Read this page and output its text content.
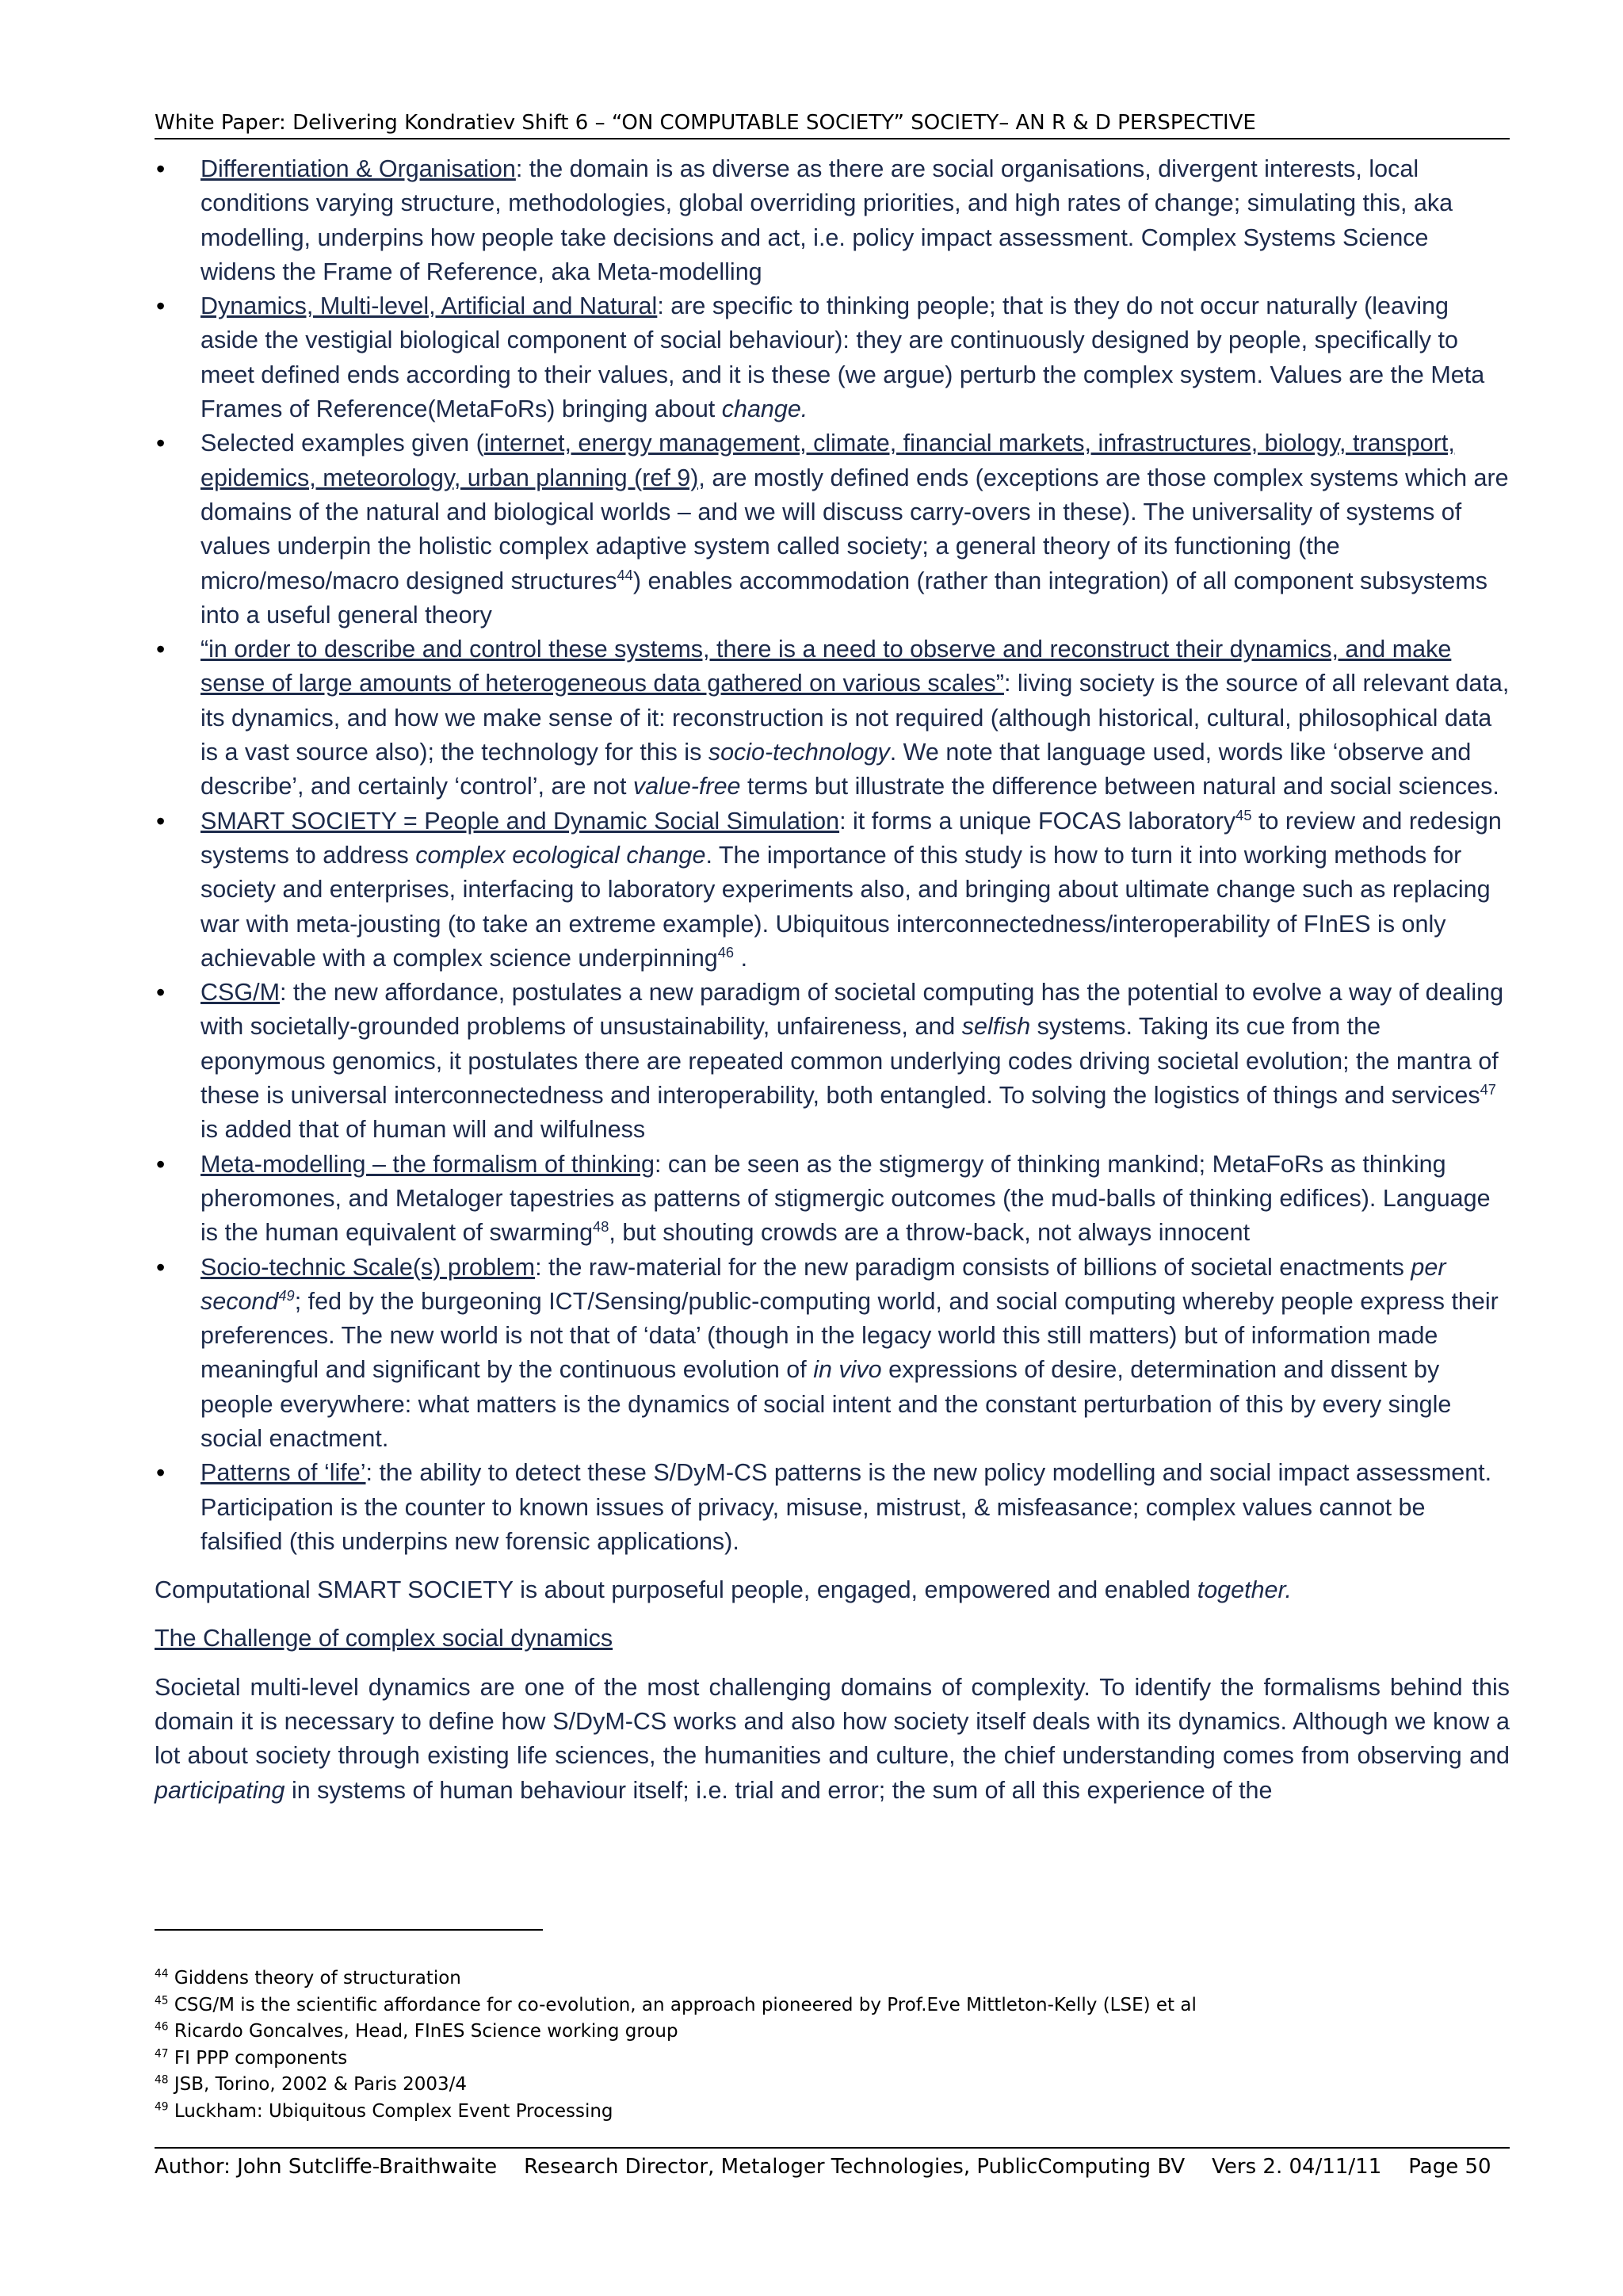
White Paper: Delivering Kondratiev Shift 6 – “ON COMPUTABLE SOCIETY” SOCIETY– AN R & D PERSPECTIVE
• Differentiation & Organisation: the domain is as diverse as there are social organisations, divergent interests, local conditions varying structure, methodologies, global overriding priorities, and high rates of change; simulating this, aka modelling, underpins how people take decisions and act, i.e. policy impact assessment. Complex Systems Science widens the Frame of Reference, aka Meta-modelling
• Dynamics, Multi-level, Artificial and Natural: are specific to thinking people; that is they do not occur naturally (leaving aside the vestigial biological component of social behaviour): they are continuously designed by people, specifically to meet defined ends according to their values, and it is these (we argue) perturb the complex system. Values are the Meta Frames of Reference(MetaFoRs) bringing about change.
• Selected examples given (internet, energy management, climate, financial markets, infrastructures, biology, transport, epidemics, meteorology, urban planning (ref 9), are mostly defined ends (exceptions are those complex systems which are domains of the natural and biological worlds – and we will discuss carry-overs in these). The universality of systems of values underpin the holistic complex adaptive system called society; a general theory of its functioning (the micro/meso/macro designed structures$^{44}$) enables accommodation (rather than integration) of all component subsystems into a useful general theory
• “in order to describe and control these systems, there is a need to observe and reconstruct their dynamics, and make sense of large amounts of heterogeneous data gathered on various scales”: living society is the source of all relevant data, its dynamics, and how we make sense of it: reconstruction is not required (although historical, cultural, philosophical data is a vast source also); the technology for this is socio-technology. We note that language used, words like ‘observe and describe’, and certainly ‘control’, are not value-free terms but illustrate the difference between natural and social sciences.
• SMART SOCIETY = People and Dynamic Social Simulation: it forms a unique FOCAS laboratory$^{45}$ to review and redesign systems to address complex ecological change. The importance of this study is how to turn it into working methods for society and enterprises, interfacing to laboratory experiments also, and bringing about ultimate change such as replacing war with meta-jousting (to take an extreme example). Ubiquitous interconnectedness/interoperability of FInES is only achievable with a complex science underpinning$^{46}$ .
• CSG/M: the new affordance, postulates a new paradigm of societal computing has the potential to evolve a way of dealing with societally-grounded problems of unsustainability, unfaireness, and selfish systems. Taking its cue from the eponymous genomics, it postulates there are repeated common underlying codes driving societal evolution; the mantra of these is universal interconnectedness and interoperability, both entangled. To solving the logistics of things and services$^{47}$ is added that of human will and wilfulness
• Meta-modelling – the formalism of thinking: can be seen as the stigmergy of thinking mankind; MetaFoRs as thinking pheromones, and Metaloger tapestries as patterns of stigmergic outcomes (the mud-balls of thinking edifices). Language is the human equivalent of swarming$^{48}$, but shouting crowds are a throw-back, not always innocent
• Socio-technic Scale(s) problem: the raw-material for the new paradigm consists of billions of societal enactments per second$^{49}$; fed by the burgeoning ICT/Sensing/public-computing world, and social computing whereby people express their preferences. The new world is not that of ‘data’ (though in the legacy world this still matters) but of information made meaningful and significant by the continuous evolution of in vivo expressions of desire, determination and dissent by people everywhere: what matters is the dynamics of social intent and the constant perturbation of this by every single social enactment.
• Patterns of ‘life’: the ability to detect these S/DyM-CS patterns is the new policy modelling and social impact assessment. Participation is the counter to known issues of privacy, misuse, mistrust, & misfeasance; complex values cannot be falsified (this underpins new forensic applications).

Computational SMART SOCIETY is about purposeful people, engaged, empowered and enabled together.

The Challenge of complex social dynamics

Societal multi-level dynamics are one of the most challenging domains of complexity. To identify the formalisms behind this domain it is necessary to define how S/DyM-CS works and also how society itself deals with its dynamics. Although we know a lot about society through existing life sciences, the humanities and culture, the chief understanding comes from observing and participating in systems of human behaviour itself; i.e. trial and error; the sum of all this experience of the

$^{44}$ Giddens theory of structuration
$^{45}$ CSG/M is the scientific affordance for co-evolution, an approach pioneered by Prof.Eve Mittleton-Kelly (LSE) et al
$^{46}$ Ricardo Goncalves, Head, FInES Science working group
$^{47}$ FI PPP components
$^{48}$ JSB, Torino, 2002 & Paris 2003/4
$^{49}$ Luckham: Ubiquitous Complex Event Processing
Author: John Sutcliffe-Braithwaite Research Director, Metaloger Technologies, PublicComputing BV Vers 2. 04/11/11 Page 50
